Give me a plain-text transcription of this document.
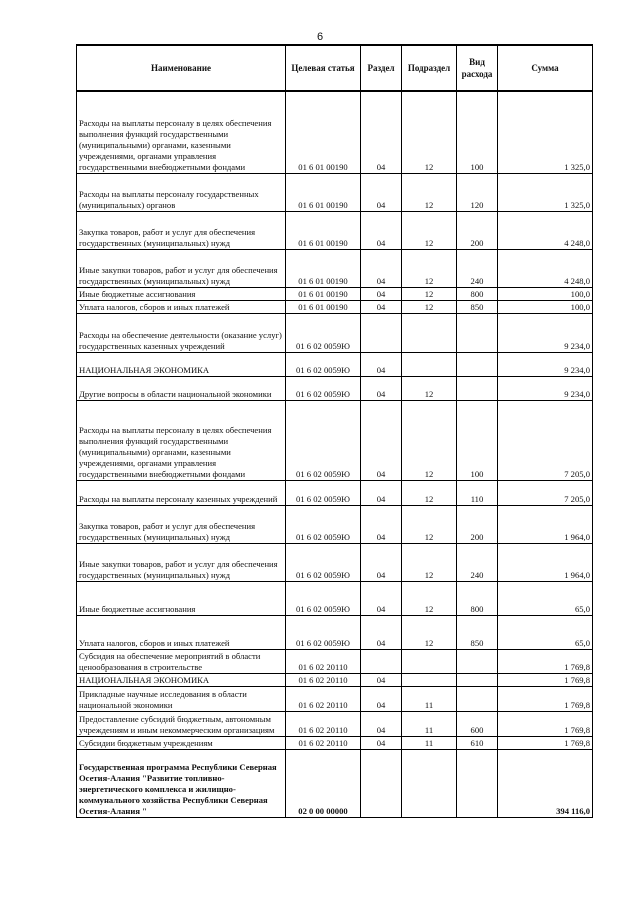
6
Наименование	Целевая статья	Раздел	Подраздел	Вид расхода	Сумма
Расходы на выплаты персоналу в целях обеспечения выполнения функций государственными (муниципальными) органами, казенными учреждениями, органами управления государственными внебюджетными фондами	01 6 01 00190	04	12	100	1 325,0
Расходы на выплаты персоналу государственных (муниципальных) органов	01 6 01 00190	04	12	120	1 325,0
Закупка товаров, работ и услуг для обеспечения государственных (муниципальных) нужд	01 6 01 00190	04	12	200	4 248,0
Иные закупки товаров, работ и услуг для обеспечения государственных (муниципальных) нужд	01 6 01 00190	04	12	240	4 248,0
Иные бюджетные ассигнования	01 6 01 00190	04	12	800	100,0
Уплата налогов, сборов и иных платежей	01 6 01 00190	04	12	850	100,0
Расходы на обеспечение деятельности (оказание услуг) государственных казенных учреждений	01 6 02 0059Ю				9 234,0
НАЦИОНАЛЬНАЯ ЭКОНОМИКА	01 6 02 0059Ю	04			9 234,0
Другие вопросы в области национальной экономики	01 6 02 0059Ю	04	12		9 234,0
Расходы на выплаты персоналу в целях обеспечения выполнения функций государственными (муниципальными) органами, казенными учреждениями, органами управления государственными внебюджетными фондами	01 6 02 0059Ю	04	12	100	7 205,0
Расходы на выплаты персоналу казенных учреждений	01 6 02 0059Ю	04	12	110	7 205,0
Закупка товаров, работ и услуг для обеспечения государственных (муниципальных) нужд	01 6 02 0059Ю	04	12	200	1 964,0
Иные закупки товаров, работ и услуг для обеспечения государственных (муниципальных) нужд	01 6 02 0059Ю	04	12	240	1 964,0
Иные бюджетные ассигнования	01 6 02 0059Ю	04	12	800	65,0
Уплата налогов, сборов и иных платежей	01 6 02 0059Ю	04	12	850	65,0
Субсидия на обеспечение мероприятий в области ценообразования в строительстве	01 6 02 20110				1 769,8
НАЦИОНАЛЬНАЯ ЭКОНОМИКА	01 6 02 20110	04			1 769,8
Прикладные научные исследования в области национальной экономики	01 6 02 20110	04	11		1 769,8
Предоставление субсидий бюджетным, автономным учреждениям и иным некоммерческим организациям	01 6 02 20110	04	11	600	1 769,8
Субсидии бюджетным учреждениям	01 6 02 20110	04	11	610	1 769,8
Государственная программа Республики Северная Осетия-Алания "Развитие топливно-энергетического комплекса и жилищно-коммунального хозяйства Республики Северная Осетия-Алания "	02 0 00 00000				394 116,0
